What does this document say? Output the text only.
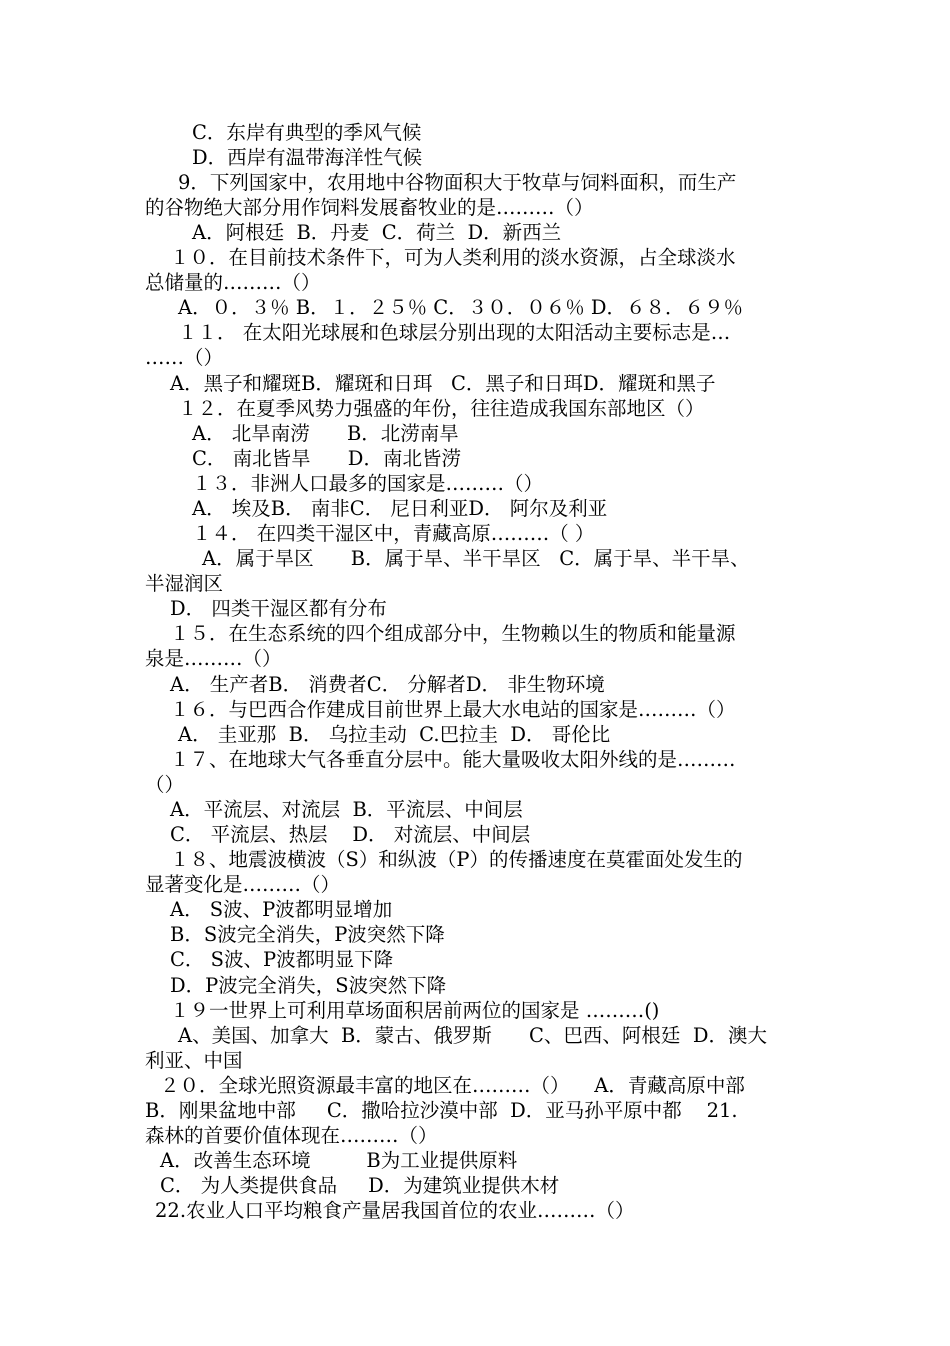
C．东岸有典型的季风气候
D．西岸有温带海洋性气候
9．下列国家中，农用地中谷物面积大于牧草与饲料面积，而生产
的谷物绝大部分用作饲料发展畜牧业的是………（）
A．阿根廷  B．丹麦  C．荷兰  D．新西兰
１０．在目前技术条件下，可为人类利用的淡水资源，占全球淡水
总储量的………（）
A．０．３％ B．１．２５％ C．３０．０６％ D．６８．６９％
１１． 在太阳光球展和色球层分别出现的太阳活动主要标志是…
……（）
A．黑子和耀斑B．耀斑和日珥   C．黑子和日珥D．耀斑和黑子
１２．在夏季风势力强盛的年份，往往造成我国东部地区（）
A． 北旱南涝      B．北涝南旱
C． 南北皆旱      D．南北皆涝
１３．非洲人口最多的国家是………（）
A． 埃及B． 南非C． 尼日利亚D． 阿尔及利亚
１４． 在四类干湿区中，青藏高原………（ ）
A．属于旱区      B．属于旱、半干旱区   C．属于旱、半干旱、
半湿润区
D． 四类干湿区都有分布
１５．在生态系统的四个组成部分中，生物赖以生的物质和能量源
泉是………（）
A． 生产者B． 消费者C． 分解者D． 非生物环境
１６．与巴西合作建成目前世界上最大水电站的国家是………（）
A． 圭亚那  B． 乌拉圭动  C.巴拉圭  D． 哥伦比
１７、在地球大气各垂直分层中。能大量吸收太阳外线的是………
（）
A．平流层、对流层  B．平流层、中间层
C． 平流层、热层    D． 对流层、中间层
１８、地震波横波（S）和纵波（P）的传播速度在莫霍面处发生的
显著变化是………（）
A． S波、P波都明显增加
B．S波完全消失，P波突然下降
C． S波、P波都明显下降
D．P波完全消失，S波突然下降
１９一世界上可利用草场面积居前两位的国家是 ………()
A、美国、加拿大  B．蒙古、俄罗斯      C、巴西、阿根廷  D．澳大
利亚、中国
２０．全球光照资源最丰富的地区在………（）    A．青藏高原中部
B．刚果盆地中部     C．撒哈拉沙漠中部  D．亚马孙平原中都    21.
森林的首要价值体现在………（）
A．改善生态环境         B为工业提供原料
C． 为人类提供食品     D．为建筑业提供木材
22.农业人口平均粮食产量居我国首位的农业………（）
